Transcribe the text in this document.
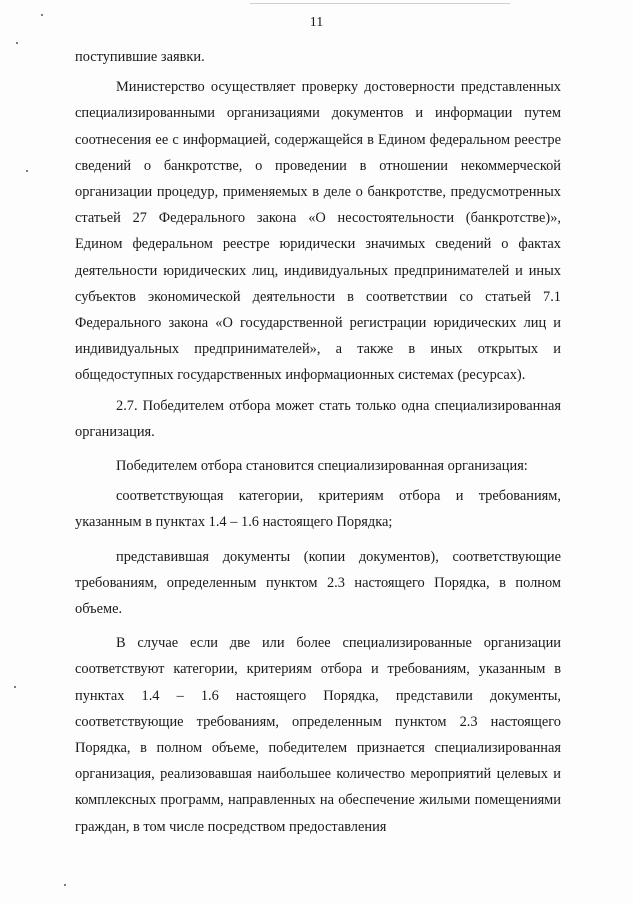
11

поступившие заявки.

Министерство осуществляет проверку достоверности представленных специализированными организациями документов и информации путем соотнесения ее с информацией, содержащейся в Едином федеральном реестре сведений о банкротстве, о проведении в отношении некоммерческой организации процедур, применяемых в деле о банкротстве, предусмотренных статьей 27 Федерального закона «О несостоятельности (банкротстве)», Едином федеральном реестре юридически значимых сведений о фактах деятельности юридических лиц, индивидуальных предпринимателей и иных субъектов экономической деятельности в соответствии со статьей 7.1 Федерального закона «О государственной регистрации юридических лиц и индивидуальных предпринимателей», а также в иных открытых и общедоступных государственных информационных системах (ресурсах).

2.7. Победителем отбора может стать только одна специализированная организация.

Победителем отбора становится специализированная организация:

соответствующая категории, критериям отбора и требованиям, указанным в пунктах 1.4 – 1.6 настоящего Порядка;

представившая документы (копии документов), соответствующие требованиям, определенным пунктом 2.3 настоящего Порядка, в полном объеме.

В случае если две или более специализированные организации соответствуют категории, критериям отбора и требованиям, указанным в пунктах 1.4 – 1.6 настоящего Порядка, представили документы, соответствующие требованиям, определенным пунктом 2.3 настоящего Порядка, в полном объеме, победителем признается специализированная организация, реализовавшая наибольшее количество мероприятий целевых и комплексных программ, направленных на обеспечение жилыми помещениями граждан, в том числе посредством предоставления
